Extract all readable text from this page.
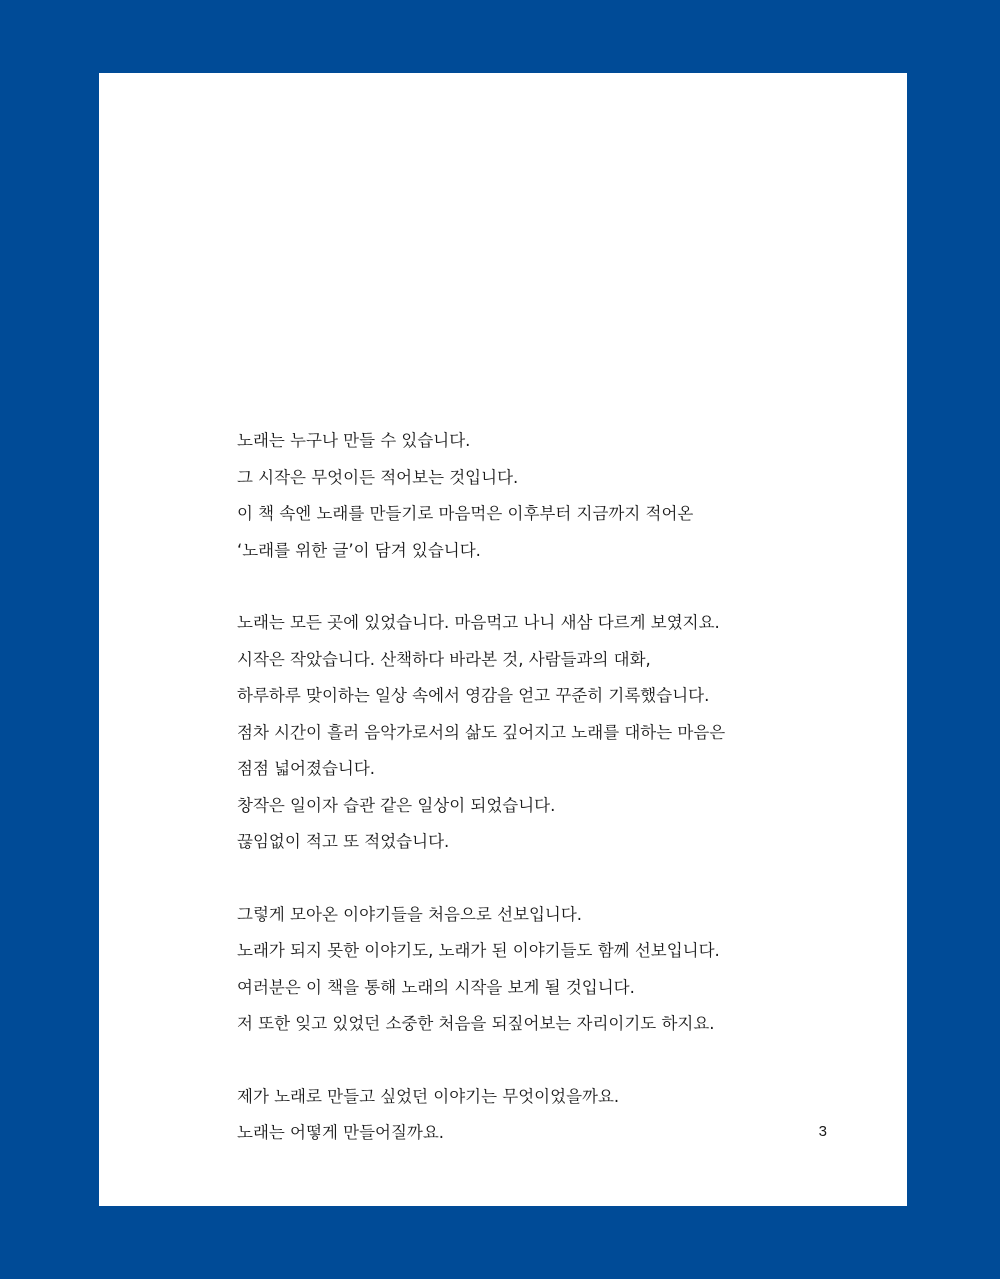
노래는 누구나 만들 수 있습니다.
그 시작은 무엇이든 적어보는 것입니다.
이 책 속엔 노래를 만들기로 마음먹은 이후부터 지금까지 적어온
‘노래를 위한 글’이 담겨 있습니다.

노래는 모든 곳에 있었습니다. 마음먹고 나니 새삼 다르게 보였지요.
시작은 작았습니다. 산책하다 바라본 것, 사람들과의 대화,
하루하루 맞이하는 일상 속에서 영감을 얻고 꾸준히 기록했습니다.
점차 시간이 흘러 음악가로서의 삶도 깊어지고 노래를 대하는 마음은
점점 넓어졌습니다.
창작은 일이자 습관 같은 일상이 되었습니다.
끊임없이 적고 또 적었습니다.

그렇게 모아온 이야기들을 처음으로 선보입니다.
노래가 되지 못한 이야기도, 노래가 된 이야기들도 함께 선보입니다.
여러분은 이 책을 통해 노래의 시작을 보게 될 것입니다.
저 또한 잊고 있었던 소중한 처음을 되짚어보는 자리이기도 하지요.

제가 노래로 만들고 싶었던 이야기는 무엇이었을까요.
노래는 어떻게 만들어질까요.	3
